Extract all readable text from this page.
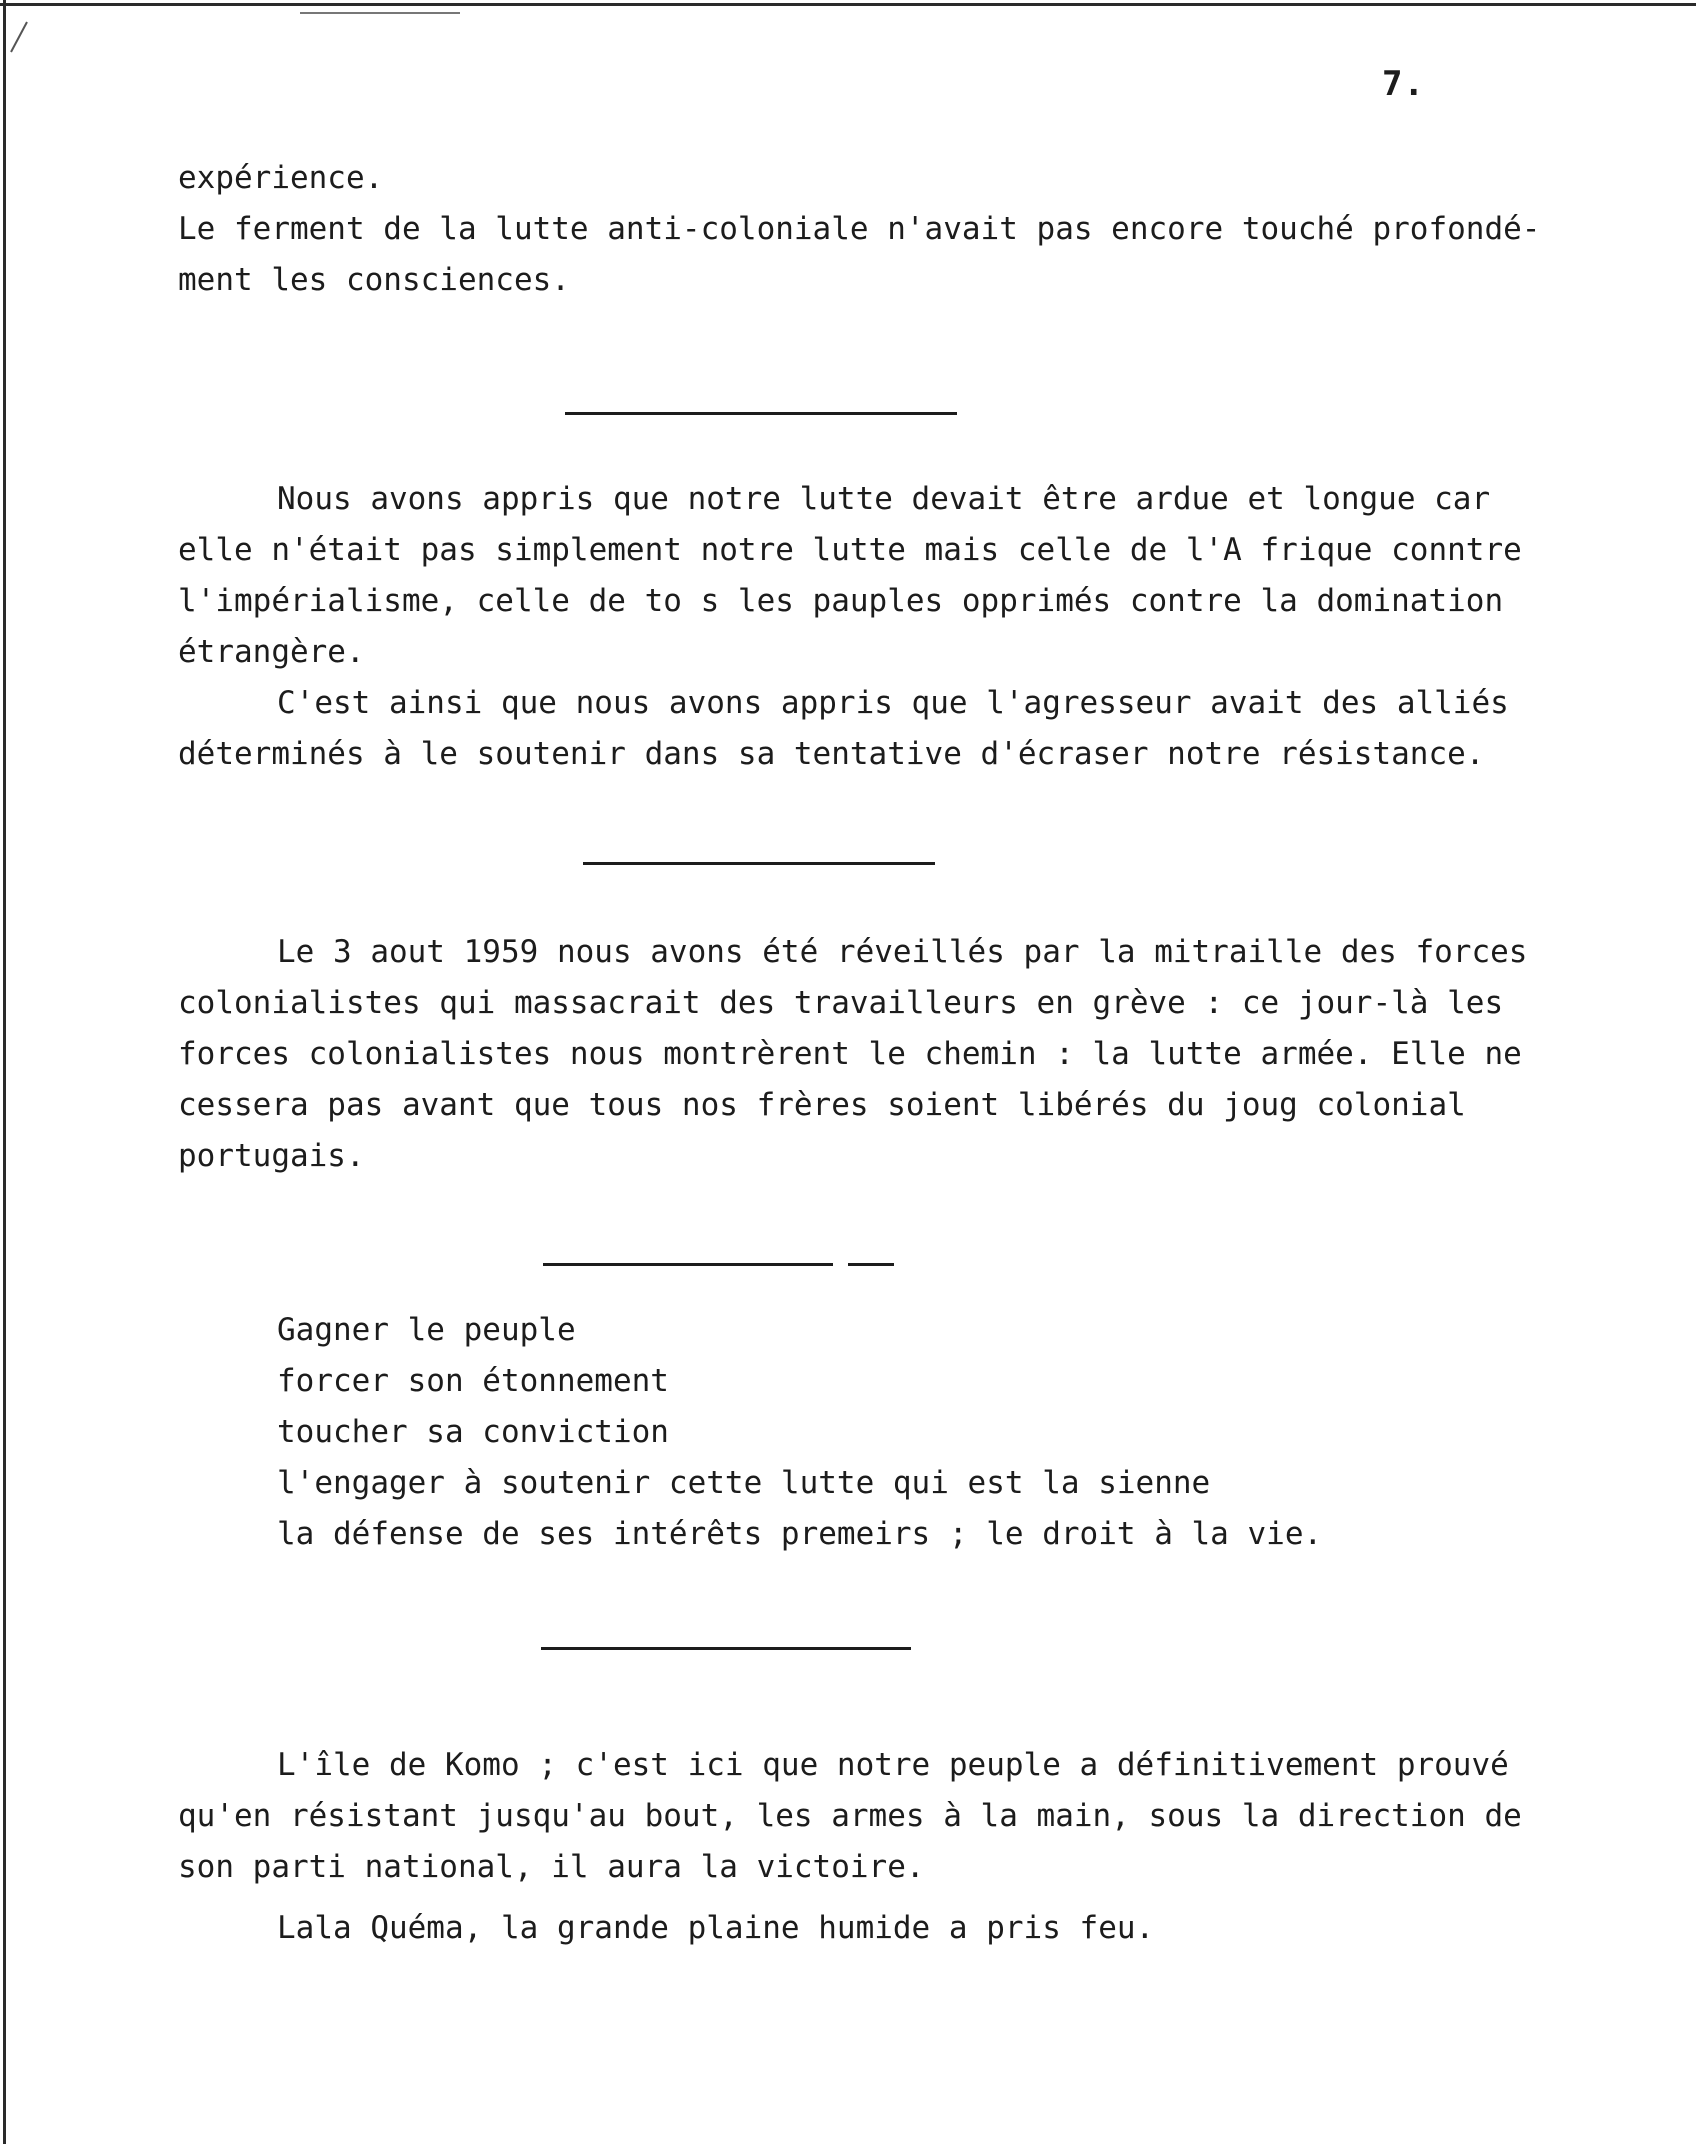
7.
expérience.
Le ferment de la lutte anti-coloniale n'avait pas encore touché profondé-
ment les consciences.
Nous avons appris que notre lutte devait être ardue et longue car
elle n'était pas simplement notre lutte mais celle de l'A frique conntre
l'impérialisme, celle de to s les pauples opprimés contre la domination
étrangère.
C'est ainsi que nous avons appris que l'agresseur avait des alliés
déterminés à le soutenir dans sa tentative d'écraser notre résistance.
Le 3 aout 1959 nous avons été réveillés par la mitraille des forces
colonialistes qui massacrait des travailleurs en grève : ce jour-là les
forces colonialistes nous montrèrent le chemin : la lutte armée. Elle ne
cessera pas avant que tous nos frères soient libérés du joug colonial
portugais.
Gagner le peuple
forcer son étonnement
toucher sa conviction
l'engager à soutenir cette lutte qui est la sienne
la défense de ses intérêts premeirs ; le droit à la vie.
L'île de Komo ; c'est ici que notre peuple a définitivement prouvé
qu'en résistant jusqu'au bout, les armes à la main, sous la direction de
son parti national, il aura la victoire.
Lala Quéma, la grande plaine humide a pris feu.
